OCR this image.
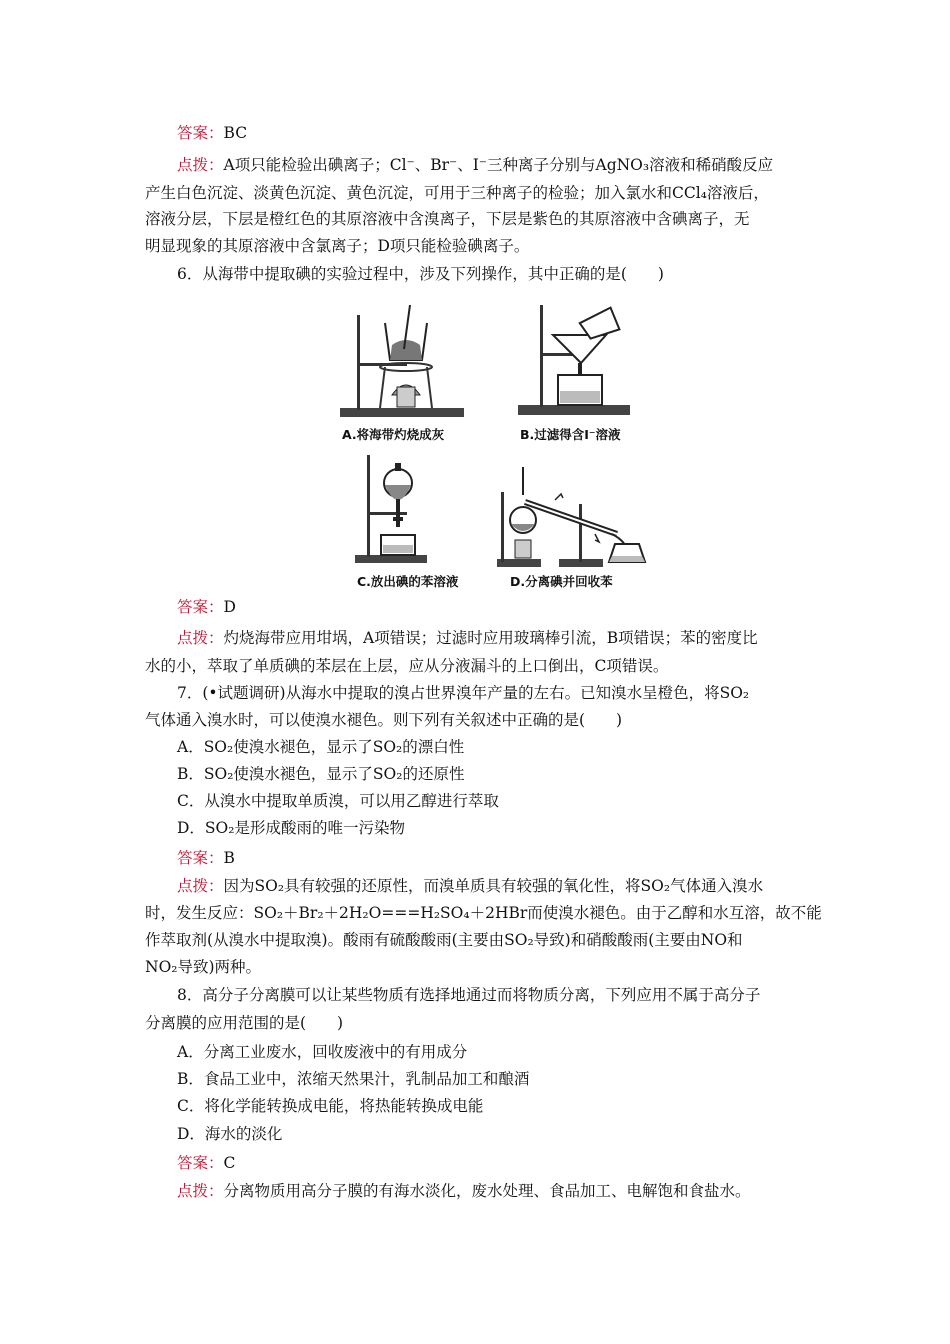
答案：BC
点拨：A项只能检验出碘离子；Cl⁻、Br⁻、I⁻三种离子分别与AgNO₃溶液和稀硝酸反应
产生白色沉淀、淡黄色沉淀、黄色沉淀，可用于三种离子的检验；加入氯水和CCl₄溶液后，
溶液分层，下层是橙红色的其原溶液中含溴离子，下层是紫色的其原溶液中含碘离子，无
明显现象的其原溶液中含氯离子；D项只能检验碘离子。
6．从海带中提取碘的实验过程中，涉及下列操作，其中正确的是(　　)
A.将海带灼烧成灰	B.过滤得含I⁻溶液
C.放出碘的苯溶液	D.分离碘并回收苯
答案：D
点拨：灼烧海带应用坩埚，A项错误；过滤时应用玻璃棒引流，B项错误；苯的密度比
水的小，萃取了单质碘的苯层在上层，应从分液漏斗的上口倒出，C项错误。
7．(•试题调研)从海水中提取的溴占世界溴年产量的左右。已知溴水呈橙色，将SO₂
气体通入溴水时，可以使溴水褪色。则下列有关叙述中正确的是(　　)
A．SO₂使溴水褪色，显示了SO₂的漂白性
B．SO₂使溴水褪色，显示了SO₂的还原性
C．从溴水中提取单质溴，可以用乙醇进行萃取
D．SO₂是形成酸雨的唯一污染物
答案：B
点拨：因为SO₂具有较强的还原性，而溴单质具有较强的氧化性，将SO₂气体通入溴水
时，发生反应：SO₂＋Br₂＋2H₂O===H₂SO₄＋2HBr而使溴水褪色。由于乙醇和水互溶，故不能
作萃取剂(从溴水中提取溴)。酸雨有硫酸酸雨(主要由SO₂导致)和硝酸酸雨(主要由NO和
NO₂导致)两种。
8．高分子分离膜可以让某些物质有选择地通过而将物质分离，下列应用不属于高分子
分离膜的应用范围的是(　　)
A．分离工业废水，回收废液中的有用成分
B．食品工业中，浓缩天然果汁，乳制品加工和酿酒
C．将化学能转换成电能，将热能转换成电能
D．海水的淡化
答案：C
点拨：分离物质用高分子膜的有海水淡化，废水处理、食品加工、电解饱和食盐水。
